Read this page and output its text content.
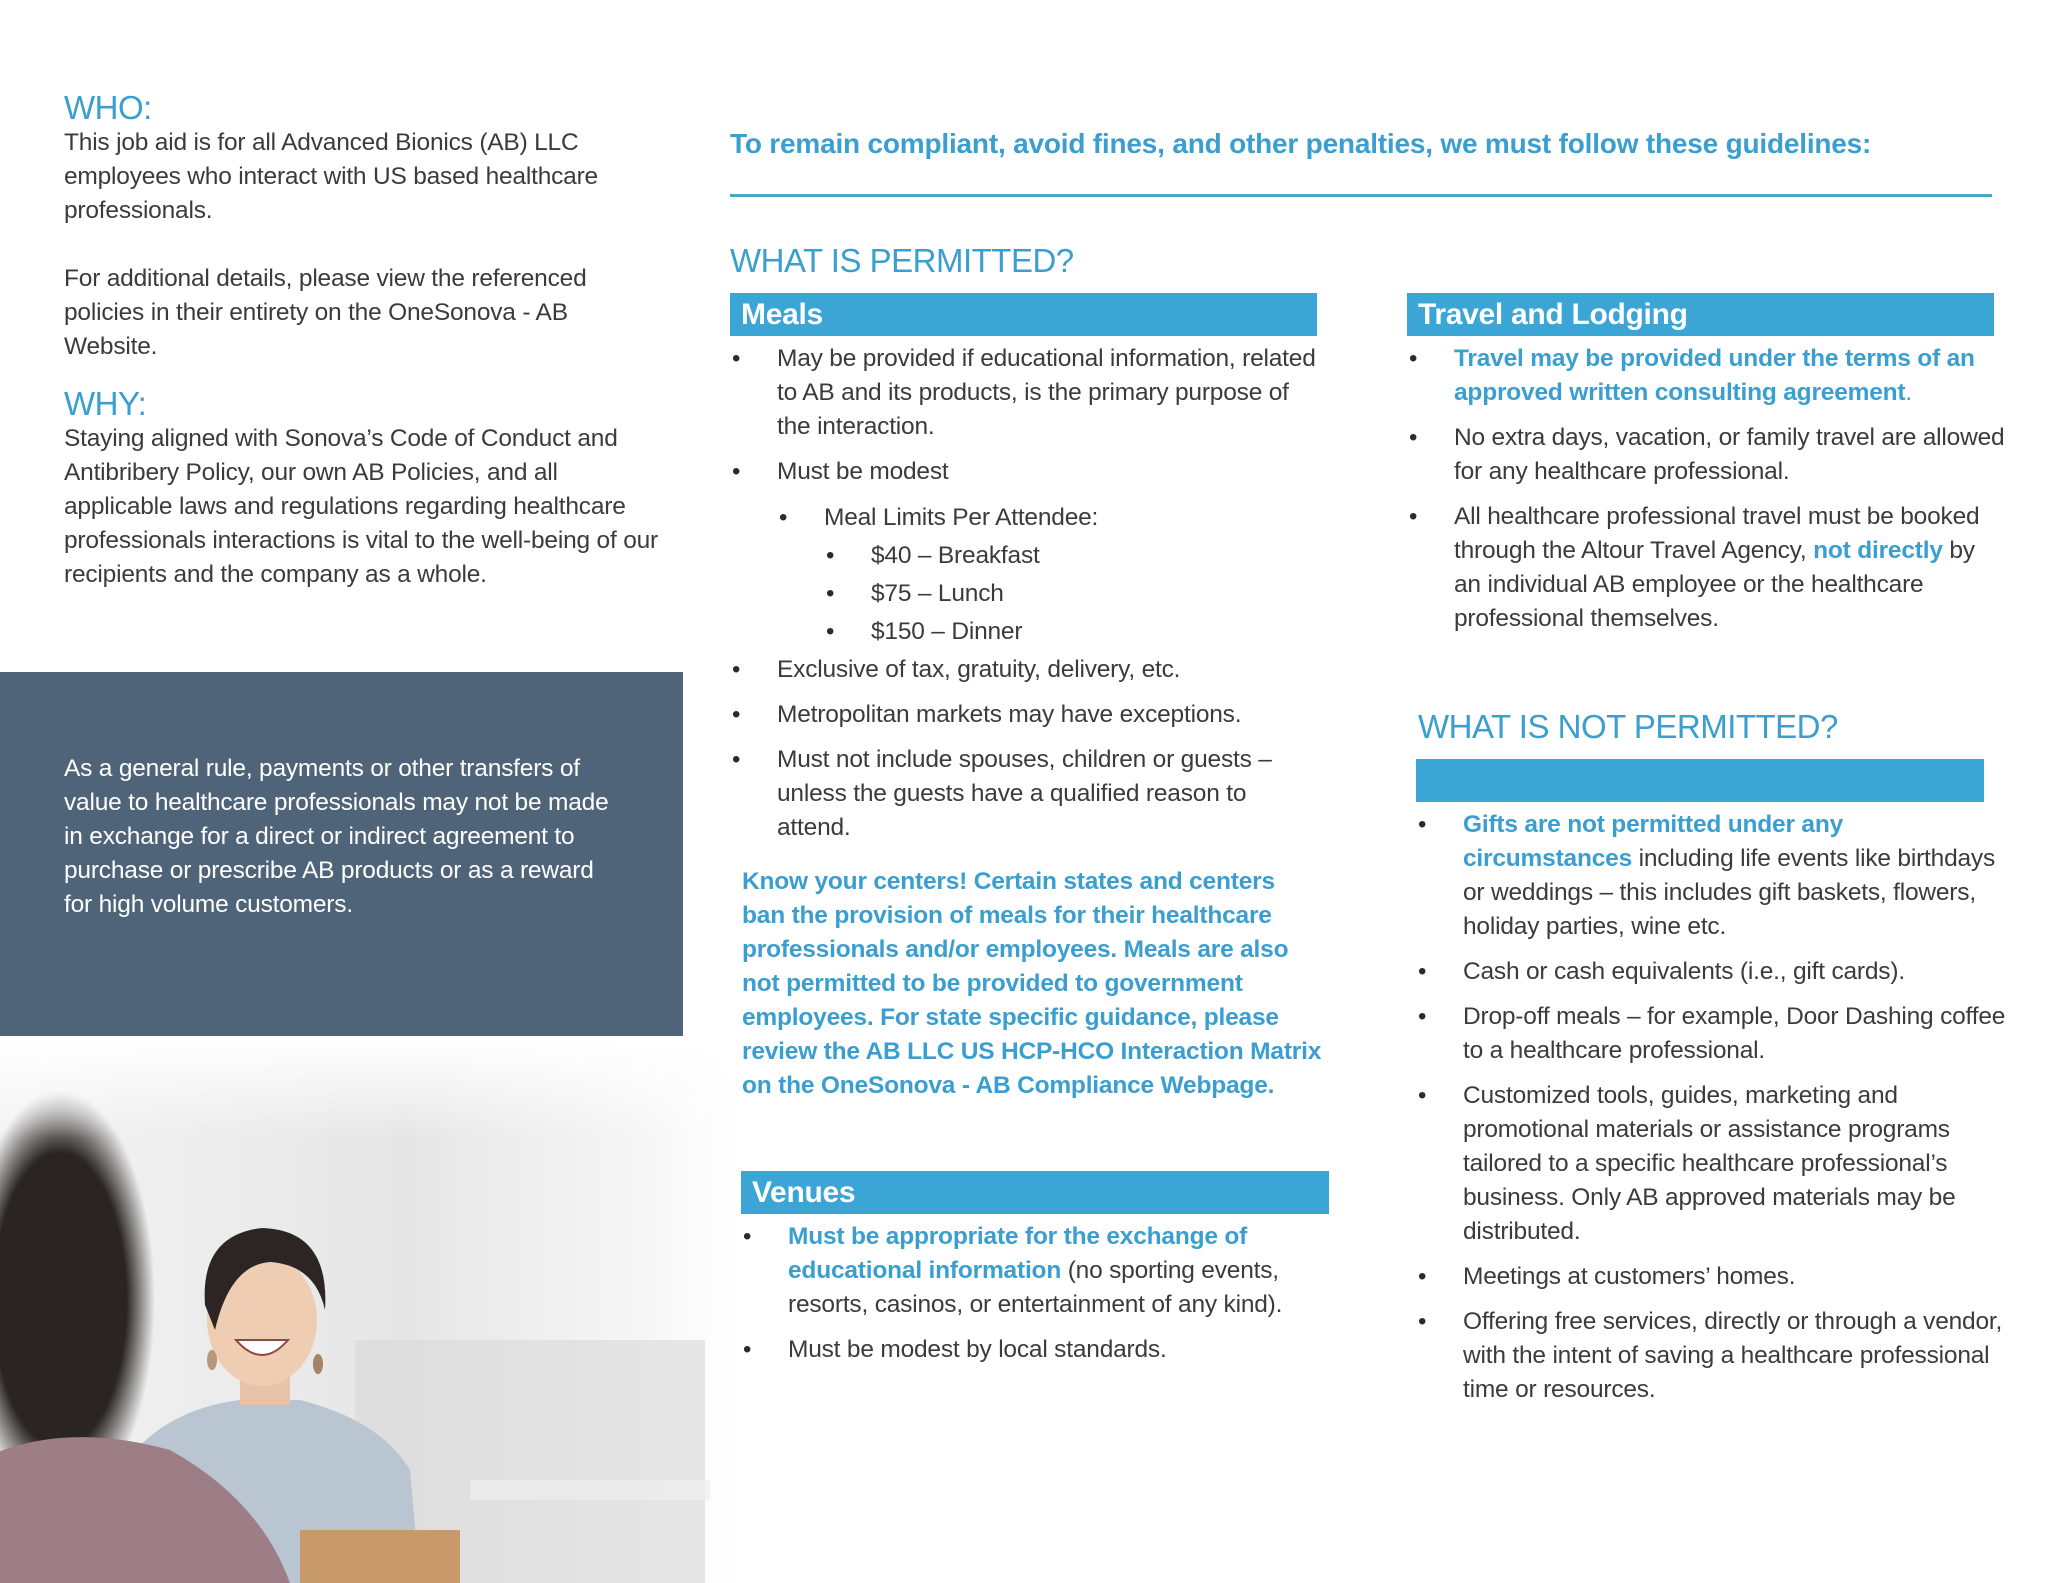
WHO:

This job aid is for all Advanced Bionics (AB) LLC employees who interact with US based healthcare professionals.

For additional details, please view the referenced policies in their entirety on the OneSonova - AB Website.

WHY:

Staying aligned with Sonova’s Code of Conduct and Antibribery Policy, our own AB Policies, and all applicable laws and regulations regarding healthcare professionals interactions is vital to the well-being of our recipients and the company as a whole.

As a general rule, payments or other transfers of value to healthcare professionals may not be made in exchange for a direct or indirect agreement to purchase or prescribe AB products or as a reward for high volume customers.

To remain compliant, avoid fines, and other penalties, we must follow these guidelines:
WHAT IS PERMITTED?
Meals
• May be provided if educational information, related to AB and its products, is the primary purpose of the interaction.
• Must be modest
• Meal Limits Per Attendee:
• $40 – Breakfast
• $75 – Lunch
• $150 – Dinner
• Exclusive of tax, gratuity, delivery, etc.
• Metropolitan markets may have exceptions.
• Must not include spouses, children or guests – unless the guests have a qualified reason to attend.

Know your centers! Certain states and centers ban the provision of meals for their healthcare professionals and/or employees. Meals are also not permitted to be provided to government employees. For state specific guidance, please review the AB LLC US HCP-HCO Interaction Matrix on the OneSonova - AB Compliance Webpage.

Venues
• Must be appropriate for the exchange of educational information (no sporting events, resorts, casinos, or entertainment of any kind).
• Must be modest by local standards.
Travel and Lodging
• Travel may be provided under the terms of an approved written consulting agreement.
• No extra days, vacation, or family travel are allowed for any healthcare professional.
• All healthcare professional travel must be booked through the Altour Travel Agency, not directly by an individual AB employee or the healthcare professional themselves.
WHAT IS NOT PERMITTED?
• Gifts are not permitted under any circumstances including life events like birthdays or weddings – this includes gift baskets, flowers, holiday parties, wine etc.
• Cash or cash equivalents (i.e., gift cards).
• Drop-off meals – for example, Door Dashing coffee to a healthcare professional.
• Customized tools, guides, marketing and promotional materials or assistance programs tailored to a specific healthcare professional’s business. Only AB approved materials may be distributed.
• Meetings at customers’ homes.
• Offering free services, directly or through a vendor, with the intent of saving a healthcare professional time or resources.
